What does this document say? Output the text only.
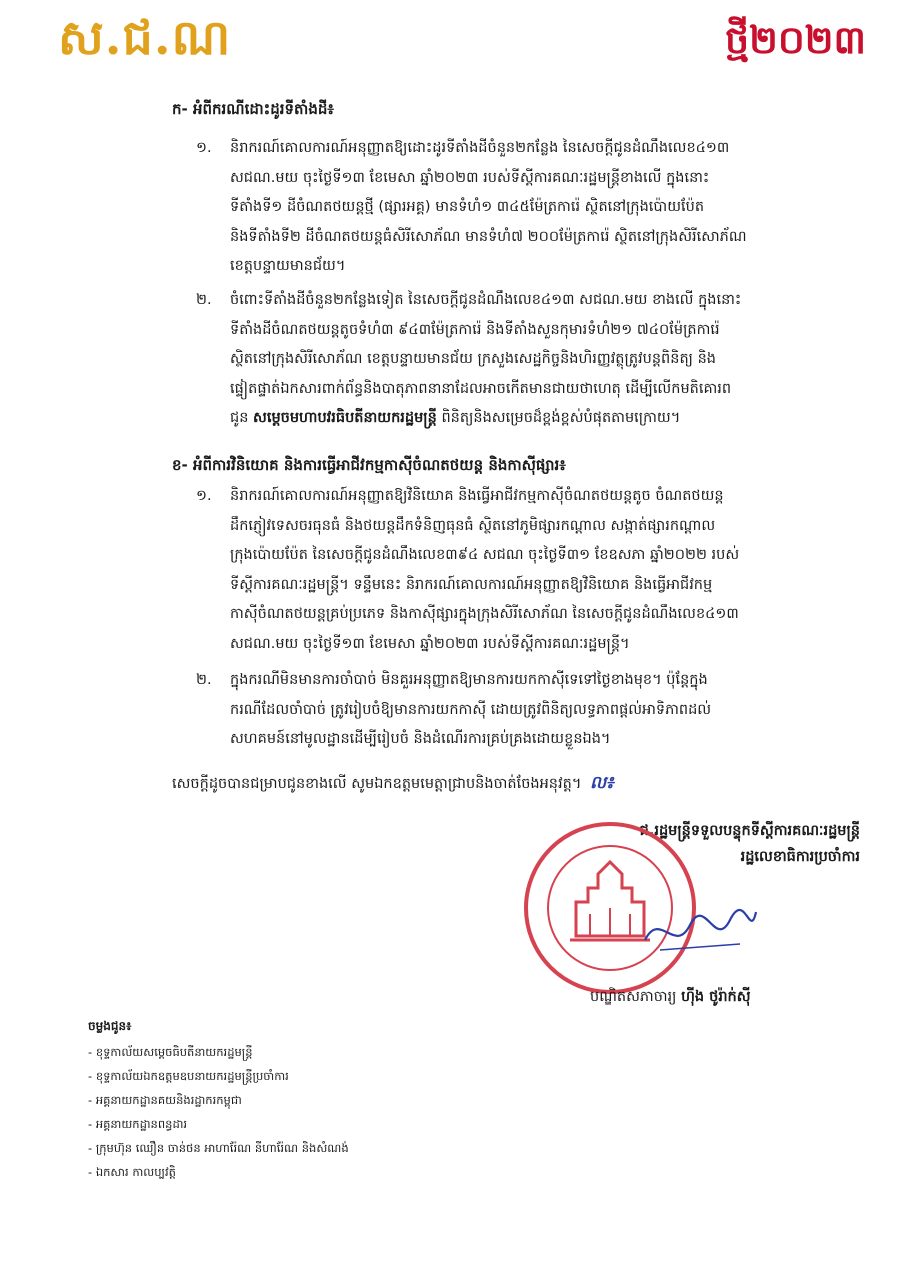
ស.ជ.ណ	ថ្មី២០២៣
ក- អំពីករណីដោះដូរទីតាំងដី៖
១.	និរាករណ៍គោលការណ៍អនុញ្ញាតឱ្យដោះដូរទីតាំងដីចំនួន២កន្លែង នៃសេចក្តីជូនដំណឹងលេខ៤១៣
សជណ.មយ ចុះថ្ងៃទី១៣ ខែមេសា ឆ្នាំ២០២៣ របស់ទីស្តីការគណៈរដ្ឋមន្ត្រីខាងលើ ក្នុងនោះ
ទីតាំងទី១ ដីចំណតថយន្តថ្មី (ផ្សារអគ្គ) មានទំហំ១ ៣៤៥ម៉ែត្រការ៉េ ស្ថិតនៅក្រុងប៉ោយប៉ែត
និងទីតាំងទី២ ដីចំណតថយន្តធំសិរីសោភ័ណ មានទំហំ៧ ២០០ម៉ែត្រការ៉េ ស្ថិតនៅក្រុងសិរីសោភ័ណ
ខេត្តបន្ទាយមានជ័យ។
២.	ចំពោះទីតាំងដីចំនួន២កន្លែងទៀត នៃសេចក្តីជូនដំណឹងលេខ៤១៣ សជណ.មយ ខាងលើ ក្នុងនោះ
ទីតាំងដីចំណតថយន្តតូចទំហំ៣ ៩៤៣ម៉ែត្រការ៉េ និងទីតាំងសួនកុមារទំហំ២១ ៧៤០ម៉ែត្រការ៉េ
ស្ថិតនៅក្រុងសិរីសោភ័ណ ខេត្តបន្ទាយមានជ័យ ក្រសួងសេដ្ឋកិច្ចនិងហិរញ្ញវត្ថុត្រូវបន្តពិនិត្យ និង
ផ្ទៀតផ្ទាត់ឯកសារពាក់ព័ន្ធនិងបាតុភាពនានាដែលអាចកើតមានជាយថាហេតុ ដើម្បីលើកមតិគោរព
ជូន សម្តេចមហាបវរធិបតីនាយករដ្ឋមន្ត្រី ពិនិត្យនិងសម្រេចដ៏ខ្ពង់ខ្ពស់បំផុតតាមក្រោយ។
ខ- អំពីការវិនិយោគ និងការធ្វើអាជីវកម្មកាស៊ីចំណតថយន្ត និងកាស៊ីផ្សារ៖
១.	និរាករណ៍គោលការណ៍អនុញ្ញាតឱ្យវិនិយោគ និងធ្វើអាជីវកម្មកាស៊ីចំណតថយន្តតូច ចំណតថយន្ត
ដឹកភ្ញៀវទេសចរធុនធំ និងថយន្តដឹកទំនិញធុនធំ ស្ថិតនៅភូមិផ្សារកណ្តាល សង្កាត់ផ្សារកណ្តាល
ក្រុងប៉ោយប៉ែត នៃសេចក្តីជូនដំណឹងលេខ៣៩៤ សជណ ចុះថ្ងៃទី៣១ ខែឧសភា ឆ្នាំ២០២២ របស់
ទីស្តីការគណៈរដ្ឋមន្ត្រី។ ទន្ទឹមនេះ និរាករណ៍គោលការណ៍អនុញ្ញាតឱ្យវិនិយោគ និងធ្វើអាជីវកម្ម
កាស៊ីចំណតថយន្តគ្រប់ប្រភេទ និងកាស៊ីផ្សារក្នុងក្រុងសិរីសោភ័ណ នៃសេចក្តីជូនដំណឹងលេខ៤១៣
សជណ.មយ ចុះថ្ងៃទី១៣ ខែមេសា ឆ្នាំ២០២៣ របស់ទីស្តីការគណៈរដ្ឋមន្ត្រី។
២.	ក្នុងករណីមិនមានការចាំបាច់ មិនគួរអនុញ្ញាតឱ្យមានការយកកាស៊ីទេទៅថ្ងៃខាងមុខ។ ប៉ុន្តែក្នុង
ករណីដែលចាំបាច់ ត្រូវរៀបចំឱ្យមានការយកកាស៊ី ដោយត្រូវពិនិត្យលទ្ធភាពផ្តល់អាទិភាពដល់
សហគមន៍នៅមូលដ្ឋានដើម្បីរៀបចំ និងដំណើរការគ្រប់គ្រងដោយខ្លួនឯង។
សេចក្តីដូចបានជម្រាបជូនខាងលើ សូមឯកឧត្តមមេត្តាជ្រាបនិងចាត់ចែងអនុវត្ត។ ល៖
ជ.រដ្ឋមន្ត្រីទទួលបន្ទុកទីស្តីការគណៈរដ្ឋមន្ត្រី
រដ្ឋលេខាធិការប្រចាំការ
បណ្ឌិតសភាចារ្យ ហ៊ីង ថូរ៉ាក់សុី
ចម្លងជូន៖
- ខុទ្ទកាល័យសម្តេចធិបតីនាយករដ្ឋមន្ត្រី
- ខុទ្ទកាល័យឯកឧត្តមឧបនាយករដ្ឋមន្ត្រីប្រចាំការ
- អគ្គនាយកដ្ឋានគយនិងរដ្ឋាករកម្ពុជា
- អគ្គនាយកដ្ឋានពន្ធដារ
- ក្រុមហ៊ុន ឈឿន ចាន់ថន អាហារ៉ែណ នីហារ៉ែណ និងសំណង់
- ឯកសារ កាលប្បវត្តិ
